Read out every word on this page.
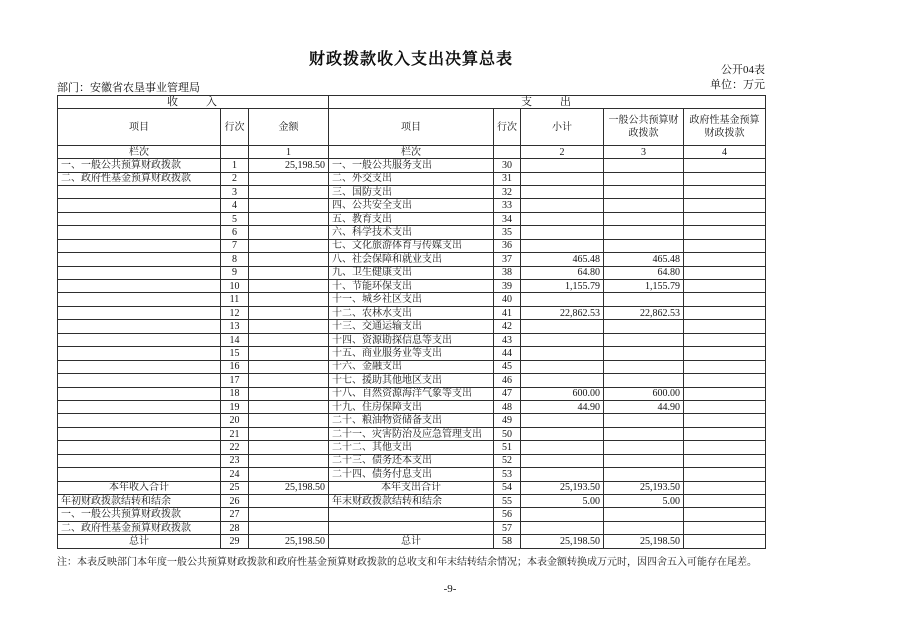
财政拨款收入支出决算总表
公开04表
单位：万元
部门：安徽省农垦事业管理局
收　　入			支　　出				
项目	行次	金额	项目	行次	小计	一般公共预算财政拨款	政府性基金预算财政拨款
栏次		1	栏次		2	3	4
一、一般公共预算财政拨款	1	25,198.50	一、一般公共服务支出	30			
二、政府性基金预算财政拨款	2		二、外交支出	31			
	3		三、国防支出	32			
	4		四、公共安全支出	33			
	5		五、教育支出	34			
	6		六、科学技术支出	35			
	7		七、文化旅游体育与传媒支出	36			
	8		八、社会保障和就业支出	37	465.48	465.48	
	9		九、卫生健康支出	38	64.80	64.80	
	10		十、节能环保支出	39	1,155.79	1,155.79	
	11		十一、城乡社区支出	40			
	12		十二、农林水支出	41	22,862.53	22,862.53	
	13		十三、交通运输支出	42			
	14		十四、资源勘探信息等支出	43			
	15		十五、商业服务业等支出	44			
	16		十六、金融支出	45			
	17		十七、援助其他地区支出	46			
	18		十八、自然资源海洋气象等支出	47	600.00	600.00	
	19		十九、住房保障支出	48	44.90	44.90	
	20		二十、粮油物资储备支出	49			
	21		二十一、灾害防治及应急管理支出	50			
	22		二十二、其他支出	51			
	23		二十三、债务还本支出	52			
	24		二十四、债务付息支出	53			
本年收入合计	25	25,198.50	本年支出合计	54	25,193.50	25,193.50	
年初财政拨款结转和结余	26		年末财政拨款结转和结余	55	5.00	5.00	
一、一般公共预算财政拨款	27			56			
二、政府性基金预算财政拨款	28			57			
总计	29	25,198.50	总计	58	25,198.50	25,198.50	
注：本表反映部门本年度一般公共预算财政拨款和政府性基金预算财政拨款的总收支和年末结转结余情况；本表金额转换成万元时，因四舍五入可能存在尾差。
-9-
